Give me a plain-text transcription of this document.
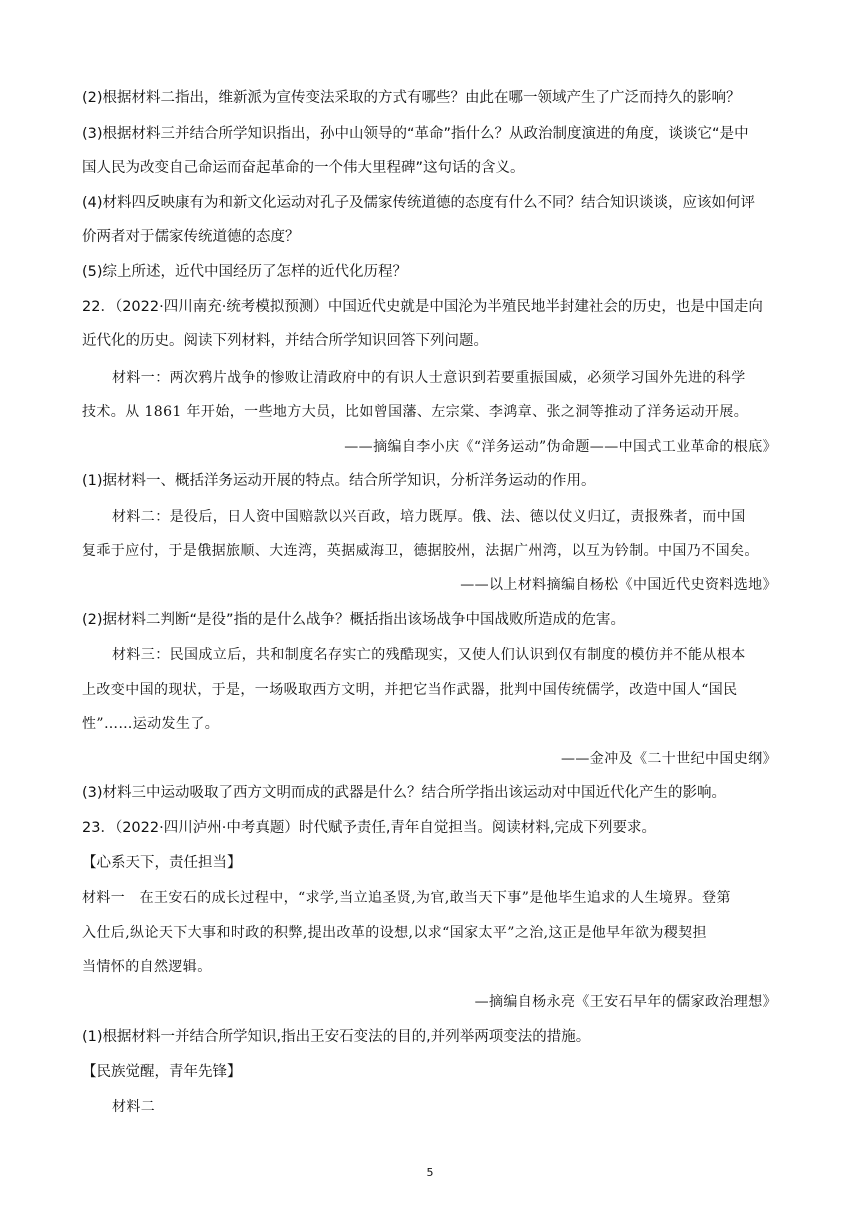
(2)根据材料二指出，维新派为宣传变法采取的方式有哪些？由此在哪一领域产生了广泛而持久的影响？
(3)根据材料三并结合所学知识指出，孙中山领导的“革命”指什么？从政治制度演进的角度，谈谈它“是中
国人民为改变自己命运而奋起革命的一个伟大里程碑”这句话的含义。
(4)材料四反映康有为和新文化运动对孔子及儒家传统道德的态度有什么不同？结合知识谈谈，应该如何评
价两者对于儒家传统道德的态度？
(5)综上所述，近代中国经历了怎样的近代化历程？
22．（2022·四川南充·统考模拟预测）中国近代史就是中国沦为半殖民地半封建社会的历史，也是中国走向
近代化的历史。阅读下列材料，并结合所学知识回答下列问题。
材料一：两次鸦片战争的惨败让清政府中的有识人士意识到若要重振国威，必须学习国外先进的科学
技术。从 1861 年开始，一些地方大员，比如曾国藩、左宗棠、李鸿章、张之洞等推动了洋务运动开展。
——摘编自李小庆《“洋务运动”伪命题——中国式工业革命的根底》
(1)据材料一、概括洋务运动开展的特点。结合所学知识，分析洋务运动的作用。
材料二：是役后，日人资中国赔款以兴百政，培力既厚。俄、法、德以仗义归辽，责报殊者，而中国
复乖于应付，于是俄据旅顺、大连湾，英据威海卫，德据胶州，法据广州湾，以互为钤制。中国乃不国矣。
——以上材料摘编自杨松《中国近代史资料选地》
(2)据材料二判断“是役”指的是什么战争？概括指出该场战争中国战败所造成的危害。
材料三：民国成立后，共和制度名存实亡的残酷现实，又使人们认识到仅有制度的模仿并不能从根本
上改变中国的现状，于是，一场吸取西方文明，并把它当作武器，批判中国传统儒学，改造中国人“国民
性”……运动发生了。
——金冲及《二十世纪中国史纲》
(3)材料三中运动吸取了西方文明而成的武器是什么？结合所学指出该运动对中国近代化产生的影响。
23．（2022·四川泸州·中考真题）时代赋予责任,青年自觉担当。阅读材料,完成下列要求。
【心系天下，责任担当】
材料一　在王安石的成长过程中，“求学,当立追圣贤,为官,敢当天下事”是他毕生追求的人生境界。登第
入仕后,纵论天下大事和时政的积弊,提出改革的设想,以求“国家太平”之治,这正是他早年欲为稷契担
当情怀的自然逻辑。
—摘编自杨永亮《王安石早年的儒家政治理想》
(1)根据材料一并结合所学知识,指出王安石变法的目的,并列举两项变法的措施。
【民族觉醒，青年先锋】
材料二
5
